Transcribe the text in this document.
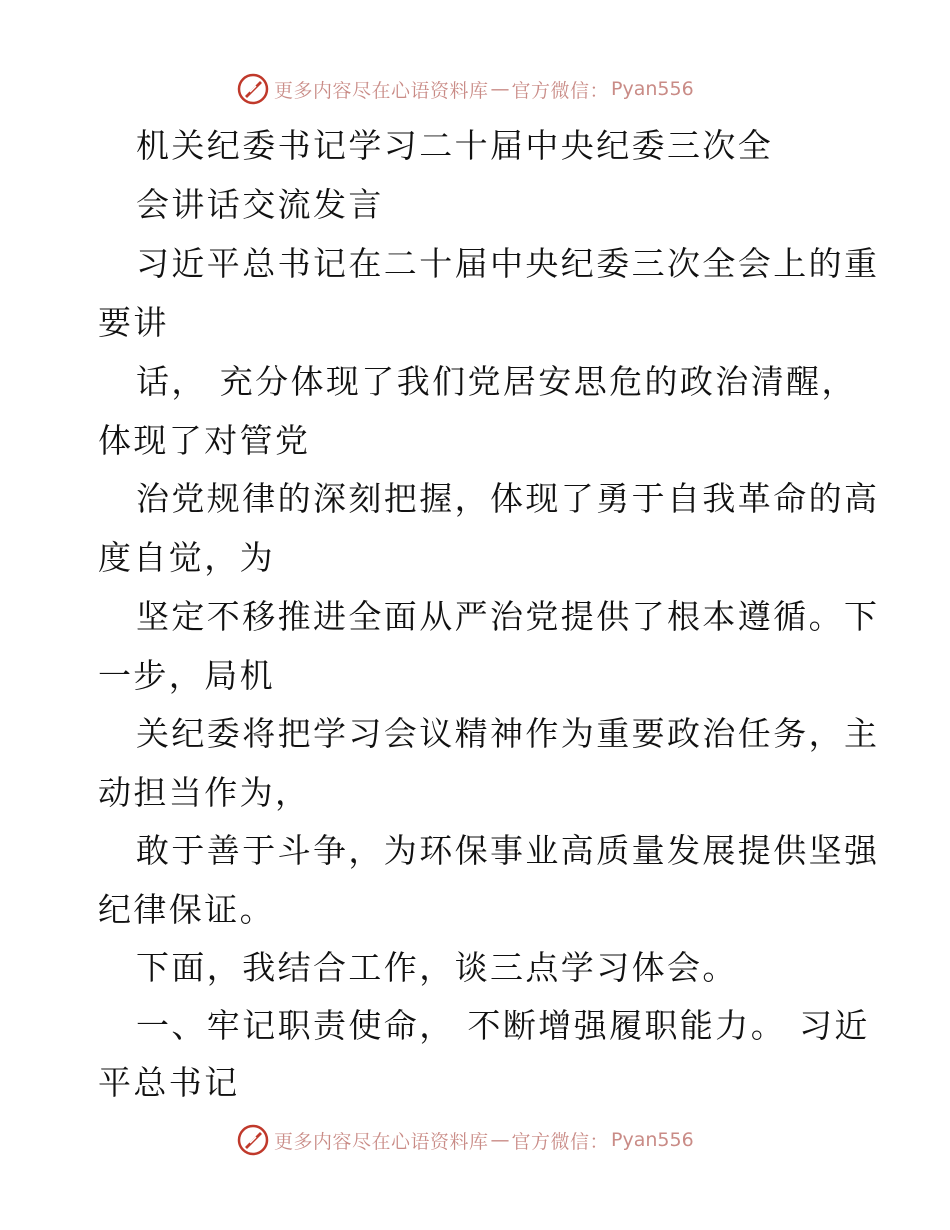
更多内容尽在心语资料库 — 官方微信： Pyan556
机关纪委书记学习二十届中央纪委三次全
会讲话交流发言
习近平总书记在二十届中央纪委三次全会上的重
要讲
话， 充分体现了我们党居安思危的政治清醒，
体现了对管党
治党规律的深刻把握，体现了勇于自我革命的高
度自觉，为
坚定不移推进全面从严治党提供了根本遵循。下
一步，局机
关纪委将把学习会议精神作为重要政治任务，主
动担当作为，
敢于善于斗争，为环保事业高质量发展提供坚强
纪律保证。
下面，我结合工作，谈三点学习体会。
一、牢记职责使命， 不断增强履职能力。 习近
平总书记
更多内容尽在心语资料库 — 官方微信： Pyan556
